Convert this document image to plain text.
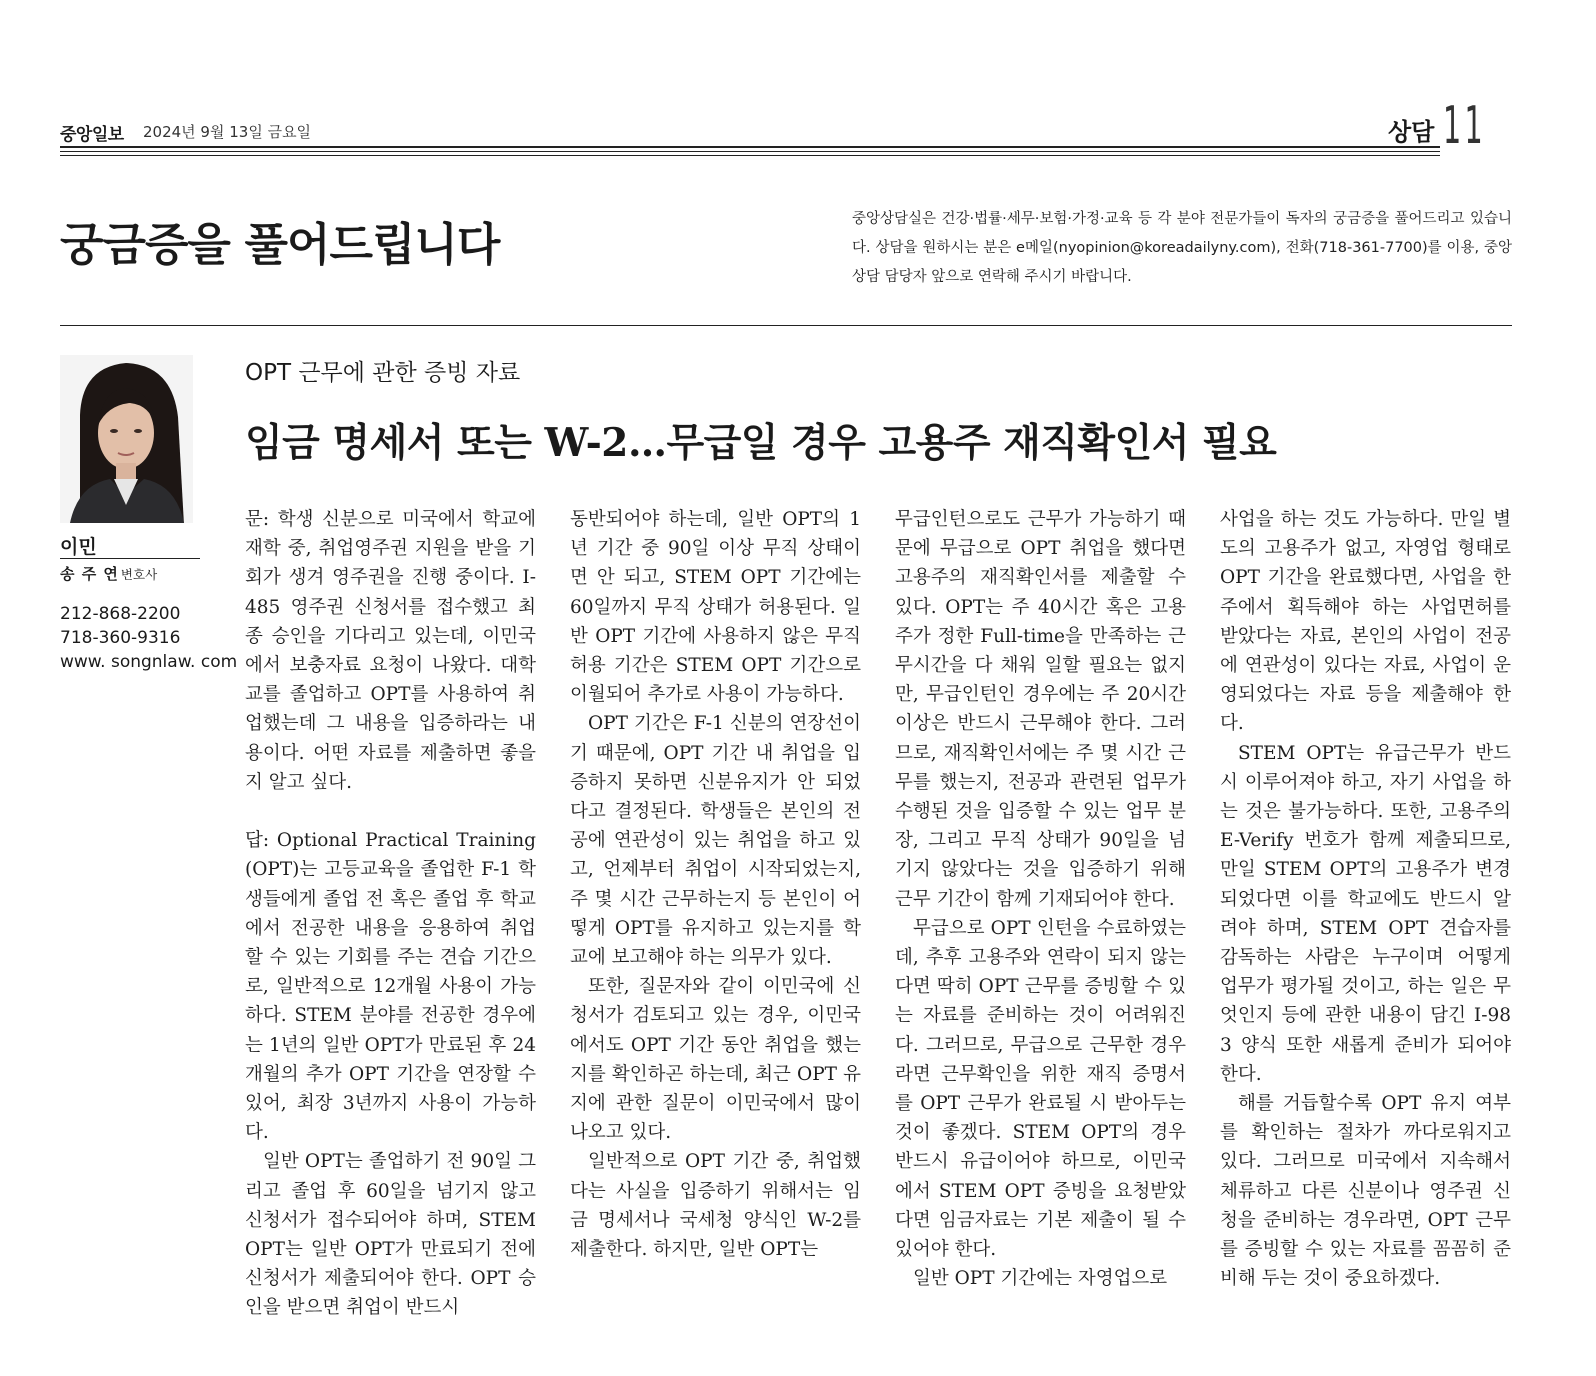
중앙일보 2024년 9월 13일 금요일	상담 11
궁금증을 풀어드립니다	중앙상담실은 건강·법률·세무·보험·가정·교육 등 각 분야 전문가들이 독자의 궁금증을 풀어드리고 있습니다. 상담을 원하시는 분은 e메일(nyopinion@koreadailyny.com), 전화(718-361-7700)를 이용, 중앙상담 담당자 앞으로 연락해 주시기 바랍니다.
이민
송 주 연 변호사
212-868-2200
718-360-9316
www. songnlaw. com
OPT 근무에 관한 증빙 자료
임금 명세서 또는 W-2…무급일 경우 고용주 재직확인서 필요

문: 학생 신분으로 미국에서 학교에 재학 중, 취업영주권 지원을 받을 기회가 생겨 영주권을 진행 중이다. I-485 영주권 신청서를 접수했고 최종 승인을 기다리고 있는데, 이민국에서 보충자료 요청이 나왔다. 대학교를 졸업하고 OPT를 사용하여 취업했는데 그 내용을 입증하라는 내용이다. 어떤 자료를 제출하면 좋을지 알고 싶다.

답: Optional Practical Training (OPT)는 고등교육을 졸업한 F-1 학생들에게 졸업 전 혹은 졸업 후 학교에서 전공한 내용을 응용하여 취업할 수 있는 기회를 주는 견습 기간으로, 일반적으로 12개월 사용이 가능하다. STEM 분야를 전공한 경우에는 1년의 일반 OPT가 만료된 후 24개월의 추가 OPT 기간을 연장할 수 있어, 최장 3년까지 사용이 가능하다.

일반 OPT는 졸업하기 전 90일 그리고 졸업 후 60일을 넘기지 않고 신청서가 접수되어야 하며, STEM OPT는 일반 OPT가 만료되기 전에 신청서가 제출되어야 한다. OPT 승인을 받으면 취업이 반드시

동반되어야 하는데, 일반 OPT의 1년 기간 중 90일 이상 무직 상태이면 안 되고, STEM OPT 기간에는 60일까지 무직 상태가 허용된다. 일반 OPT 기간에 사용하지 않은 무직 허용 기간은 STEM OPT 기간으로 이월되어 추가로 사용이 가능하다.

OPT 기간은 F-1 신분의 연장선이기 때문에, OPT 기간 내 취업을 입증하지 못하면 신분유지가 안 되었다고 결정된다. 학생들은 본인의 전공에 연관성이 있는 취업을 하고 있고, 언제부터 취업이 시작되었는지, 주 몇 시간 근무하는지 등 본인이 어떻게 OPT를 유지하고 있는지를 학교에 보고해야 하는 의무가 있다.

또한, 질문자와 같이 이민국에 신청서가 검토되고 있는 경우, 이민국에서도 OPT 기간 동안 취업을 했는지를 확인하곤 하는데, 최근 OPT 유지에 관한 질문이 이민국에서 많이 나오고 있다.

일반적으로 OPT 기간 중, 취업했다는 사실을 입증하기 위해서는 임금 명세서나 국세청 양식인 W-2를 제출한다. 하지만, 일반 OPT는

무급인턴으로도 근무가 가능하기 때문에 무급으로 OPT 취업을 했다면 고용주의 재직확인서를 제출할 수 있다. OPT는 주 40시간 혹은 고용주가 정한 Full-time을 만족하는 근무시간을 다 채워 일할 필요는 없지만, 무급인턴인 경우에는 주 20시간 이상은 반드시 근무해야 한다. 그러므로, 재직확인서에는 주 몇 시간 근무를 했는지, 전공과 관련된 업무가 수행된 것을 입증할 수 있는 업무 분장, 그리고 무직 상태가 90일을 넘기지 않았다는 것을 입증하기 위해 근무 기간이 함께 기재되어야 한다.

무급으로 OPT 인턴을 수료하였는데, 추후 고용주와 연락이 되지 않는다면 딱히 OPT 근무를 증빙할 수 있는 자료를 준비하는 것이 어려워진다. 그러므로, 무급으로 근무한 경우라면 근무확인을 위한 재직 증명서를 OPT 근무가 완료될 시 받아두는 것이 좋겠다. STEM OPT의 경우 반드시 유급이어야 하므로, 이민국에서 STEM OPT 증빙을 요청받았다면 임금자료는 기본 제출이 될 수 있어야 한다.

일반 OPT 기간에는 자영업으로

사업을 하는 것도 가능하다. 만일 별도의 고용주가 없고, 자영업 형태로 OPT 기간을 완료했다면, 사업을 한 주에서 획득해야 하는 사업면허를 받았다는 자료, 본인의 사업이 전공에 연관성이 있다는 자료, 사업이 운영되었다는 자료 등을 제출해야 한다.

STEM OPT는 유급근무가 반드시 이루어져야 하고, 자기 사업을 하는 것은 불가능하다. 또한, 고용주의 E-Verify 번호가 함께 제출되므로, 만일 STEM OPT의 고용주가 변경되었다면 이를 학교에도 반드시 알려야 하며, STEM OPT 견습자를 감독하는 사람은 누구이며 어떻게 업무가 평가될 것이고, 하는 일은 무엇인지 등에 관한 내용이 담긴 I-983 양식 또한 새롭게 준비가 되어야 한다.

해를 거듭할수록 OPT 유지 여부를 확인하는 절차가 까다로워지고 있다. 그러므로 미국에서 지속해서 체류하고 다른 신분이나 영주권 신청을 준비하는 경우라면, OPT 근무를 증빙할 수 있는 자료를 꼼꼼히 준비해 두는 것이 중요하겠다.
